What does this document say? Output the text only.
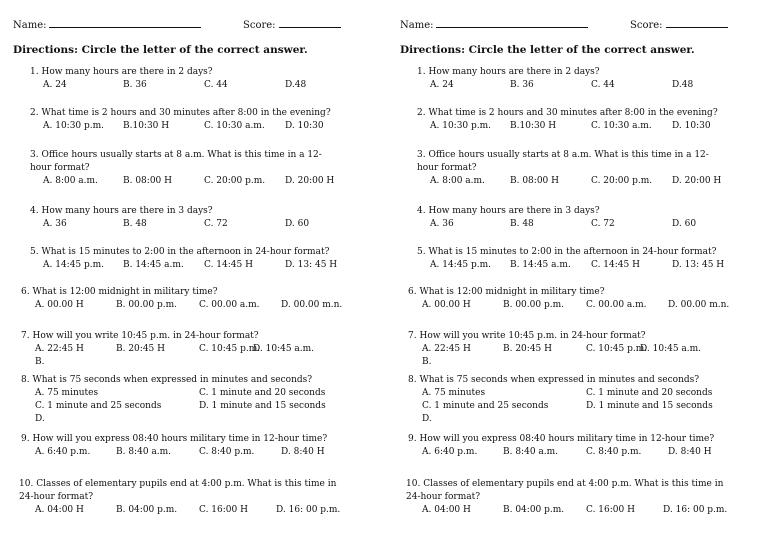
Name:	Score:
Directions: Circle the letter of the correct answer.
1. How many hours are there in 2 days?
A. 24	B. 36	C. 44	D.48
2. What time is 2 hours and 30 minutes after 8:00 in the evening?
A. 10:30 p.m. B.10:30 H	C. 10:30 a.m. D. 10:30
3. Office hours usually starts at 8 a.m. What is this time in a 12-hour format?
A. 8:00 a.m.	B. 08:00 H	C. 20:00 p.m. D. 20:00 H
4. How many hours are there in 3 days?
A. 36	B. 48	C. 72	D. 60
5. What is 15 minutes to 2:00 in the afternoon in 24-hour format?
A. 14:45 p.m. B. 14:45 a.m. C. 14:45 H	D. 13: 45 H
6. What is 12:00 midnight in military time?
A. 00.00 H	B. 00.00 p.m. C. 00.00 a.m. D. 00.00 m.n.
7. How will you write 10:45 p.m. in 24-hour format?
A. 22:45 H	B. 20:45 H	C. 10:45 p.m.
D. 10:45 a.m.
B.
8. What is 75 seconds when expressed in minutes and seconds?
A. 75 minutes	C. 1 minute and 20 seconds
C. 1 minute and 25 seconds	D. 1 minute and 15 seconds
D.
9. How will you express 08:40 hours military time in 12-hour time?
A. 6:40 p.m.	B. 8:40 a.m.	C. 8:40 p.m.	D. 8:40 H
10. Classes of elementary pupils end at 4:00 p.m. What is this time in 24-hour format?
A. 04:00 H	B. 04:00 p.m. C. 16:00 H	D. 16: 00 p.m.
Name:	Score:
Directions: Circle the letter of the correct answer.
1. How many hours are there in 2 days?
A. 24	B. 36	C. 44	D.48
2. What time is 2 hours and 30 minutes after 8:00 in the evening?
A. 10:30 p.m. B.10:30 H	C. 10:30 a.m. D. 10:30
3. Office hours usually starts at 8 a.m. What is this time in a 12-hour format?
A. 8:00 a.m.	B. 08:00 H	C. 20:00 p.m. D. 20:00 H
4. How many hours are there in 3 days?
A. 36	B. 48	C. 72	D. 60
5. What is 15 minutes to 2:00 in the afternoon in 24-hour format?
A. 14:45 p.m. B. 14:45 a.m. C. 14:45 H	D. 13: 45 H
6. What is 12:00 midnight in military time?
A. 00.00 H	B. 00.00 p.m. C. 00.00 a.m. D. 00.00 m.n.
7. How will you write 10:45 p.m. in 24-hour format?
A. 22:45 H	B. 20:45 H	C. 10:45 p.m.
D. 10:45 a.m.
B.
8. What is 75 seconds when expressed in minutes and seconds?
A. 75 minutes	C. 1 minute and 20 seconds
C. 1 minute and 25 seconds	D. 1 minute and 15 seconds
D.
9. How will you express 08:40 hours military time in 12-hour time?
A. 6:40 p.m.	B. 8:40 a.m.	C. 8:40 p.m.	D. 8:40 H
10. Classes of elementary pupils end at 4:00 p.m. What is this time in 24-hour format?
A. 04:00 H	B. 04:00 p.m. C. 16:00 H	D. 16: 00 p.m.
